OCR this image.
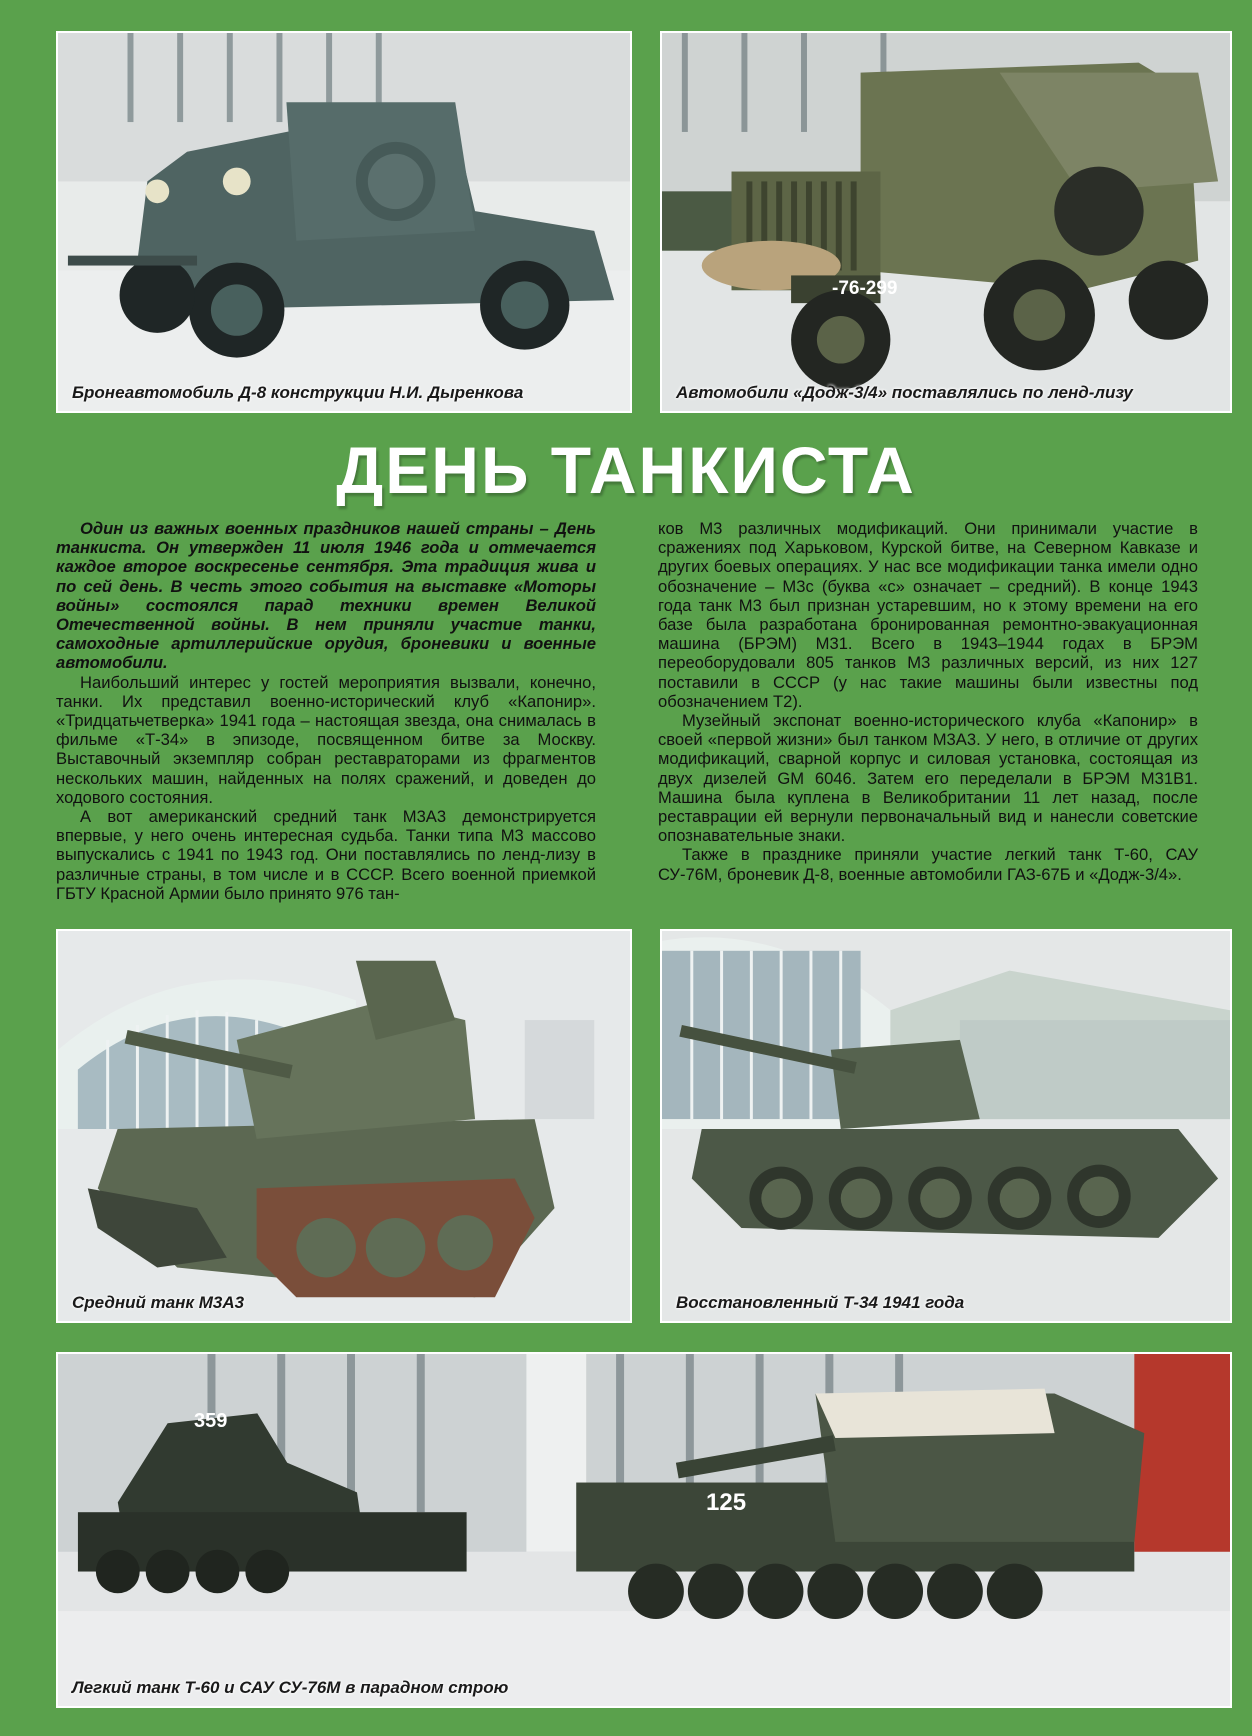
Бронеавтомобиль Д-8 конструкции Н.И. Дыренкова
-76-299
Автомобили «Додж-3/4» поставлялись по ленд-лизу
ДЕНЬ ТАНКИСТА

Один из важных военных праздников нашей страны – День танкиста. Он утвержден 11 июля 1946 года и отмечается каждое второе воскресенье сентября. Эта традиция жива и по сей день. В честь этого события на выставке «Моторы войны» состоялся парад техники времен Великой Отечественной войны. В нем приняли участие танки, самоходные артиллерийские орудия, броневики и военные автомобили.

Наибольший интерес у гостей мероприятия вызвали, конечно, танки. Их представил военно-исторический клуб «Капонир». «Тридцатьчетверка» 1941 года – настоящая звезда, она снималась в фильме «Т-34» в эпизоде, посвященном битве за Москву. Выставочный экземпляр собран реставраторами из фрагментов нескольких машин, найденных на полях сражений, и доведен до ходового состояния.

А вот американский средний танк М3А3 демонстрируется впервые, у него очень интересная судьба. Танки типа М3 массово выпускались с 1941 по 1943 год. Они поставлялись по ленд-лизу в различные страны, в том числе и в СССР. Всего военной приемкой ГБТУ Красной Армии было принято 976 тан-

ков М3 различных модификаций. Они принимали участие в сражениях под Харьковом, Курской битве, на Северном Кавказе и других боевых операциях. У нас все модификации танка имели одно обозначение – М3с (буква «с» означает – средний). В конце 1943 года танк М3 был признан устаревшим, но к этому времени на его базе была разработана бронированная ремонтно-эвакуационная машина (БРЭМ) М31. Всего в 1943–1944 годах в БРЭМ переоборудовали 805 танков М3 различных версий, из них 127 поставили в СССР (у нас такие машины были известны под обозначением Т2).

Музейный экспонат военно-исторического клуба «Капонир» в своей «первой жизни» был танком М3А3. У него, в отличие от других модификаций, сварной корпус и силовая установка, состоящая из двух дизелей GM 6046. Затем его переделали в БРЭМ М31В1. Машина была куплена в Великобритании 11 лет назад, после реставрации ей вернули первоначальный вид и нанесли советские опознавательные знаки.

Также в празднике приняли участие легкий танк Т-60, САУ СУ-76М, броневик Д-8, военные автомобили ГАЗ-67Б и «Додж-3/4».

Средний танк М3А3	Восстановленный Т-34 1941 года
359
125
Легкий танк Т-60 и САУ СУ-76М в парадном строю
